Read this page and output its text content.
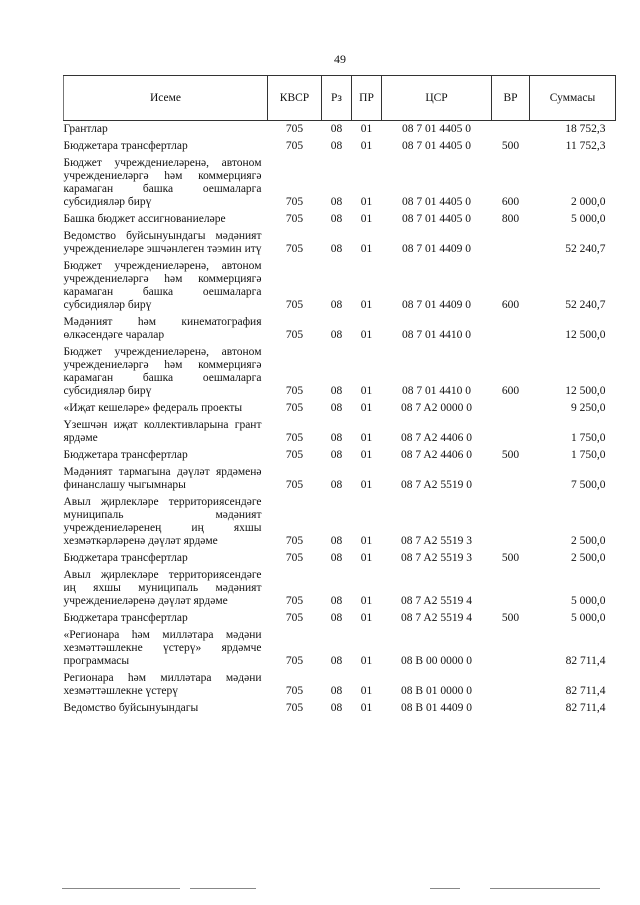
49
Исеме	КВСР	Рз	ПР	ЦСР	ВР	Суммасы
Грантлар	705	08	01	08 7 01 4405 0		18 752,3
Бюджетара трансфертлар	705	08	01	08 7 01 4405 0	500	11 752,3
Бюджет учреждениеләренә, автоном учреждениеләргә һәм коммерциягә карамаган башка оешмаларга субсидияләр бирү	705	08	01	08 7 01 4405 0	600	2 000,0
Башка бюджет ассигнованиеләре	705	08	01	08 7 01 4405 0	800	5 000,0
Ведомство буйсынуындагы мәдәният учреждениеләре эшчәнлеген тәэмин итү	705	08	01	08 7 01 4409 0		52 240,7
Бюджет учреждениеләренә, автоном учреждениеләргә һәм коммерциягә карамаган башка оешмаларга субсидияләр бирү	705	08	01	08 7 01 4409 0	600	52 240,7
Мәдәният һәм кинематография өлкәсендәге чаралар	705	08	01	08 7 01 4410 0		12 500,0
Бюджет учреждениеләренә, автоном учреждениеләргә һәм коммерциягә карамаган башка оешмаларга субсидияләр бирү	705	08	01	08 7 01 4410 0	600	12 500,0
«Иҗат кешеләре» федераль проекты	705	08	01	08 7 A2 0000 0		9 250,0
Үзешчән иҗат коллективларына грант ярдәме	705	08	01	08 7 A2 4406 0		1 750,0
Бюджетара трансфертлар	705	08	01	08 7 A2 4406 0	500	1 750,0
Мәдәният тармагына дәүләт ярдәменә финанслашу чыгымнары	705	08	01	08 7 A2 5519 0		7 500,0
Авыл җирлекләре территориясендәге муниципаль мәдәният учреждениеләренең иң яхшы хезмәткәрләренә дәүләт ярдәме	705	08	01	08 7 A2 5519 3		2 500,0
Бюджетара трансфертлар	705	08	01	08 7 A2 5519 3	500	2 500,0
Авыл җирлекләре территориясендәге иң яхшы муниципаль мәдәният учреждениеләренә дәүләт ярдәме	705	08	01	08 7 A2 5519 4		5 000,0
Бюджетара трансфертлар	705	08	01	08 7 A2 5519 4	500	5 000,0
«Регионара һәм милләтара мәдәни хезмәттәшлекне үстерү» ярдәмче программасы	705	08	01	08 B 00 0000 0		82 711,4
Регионара һәм милләтара мәдәни хезмәттәшлекне үстерү	705	08	01	08 B 01 0000 0		82 711,4
Ведомство буйсынуындагы	705	08	01	08 B 01 4409 0		82 711,4
